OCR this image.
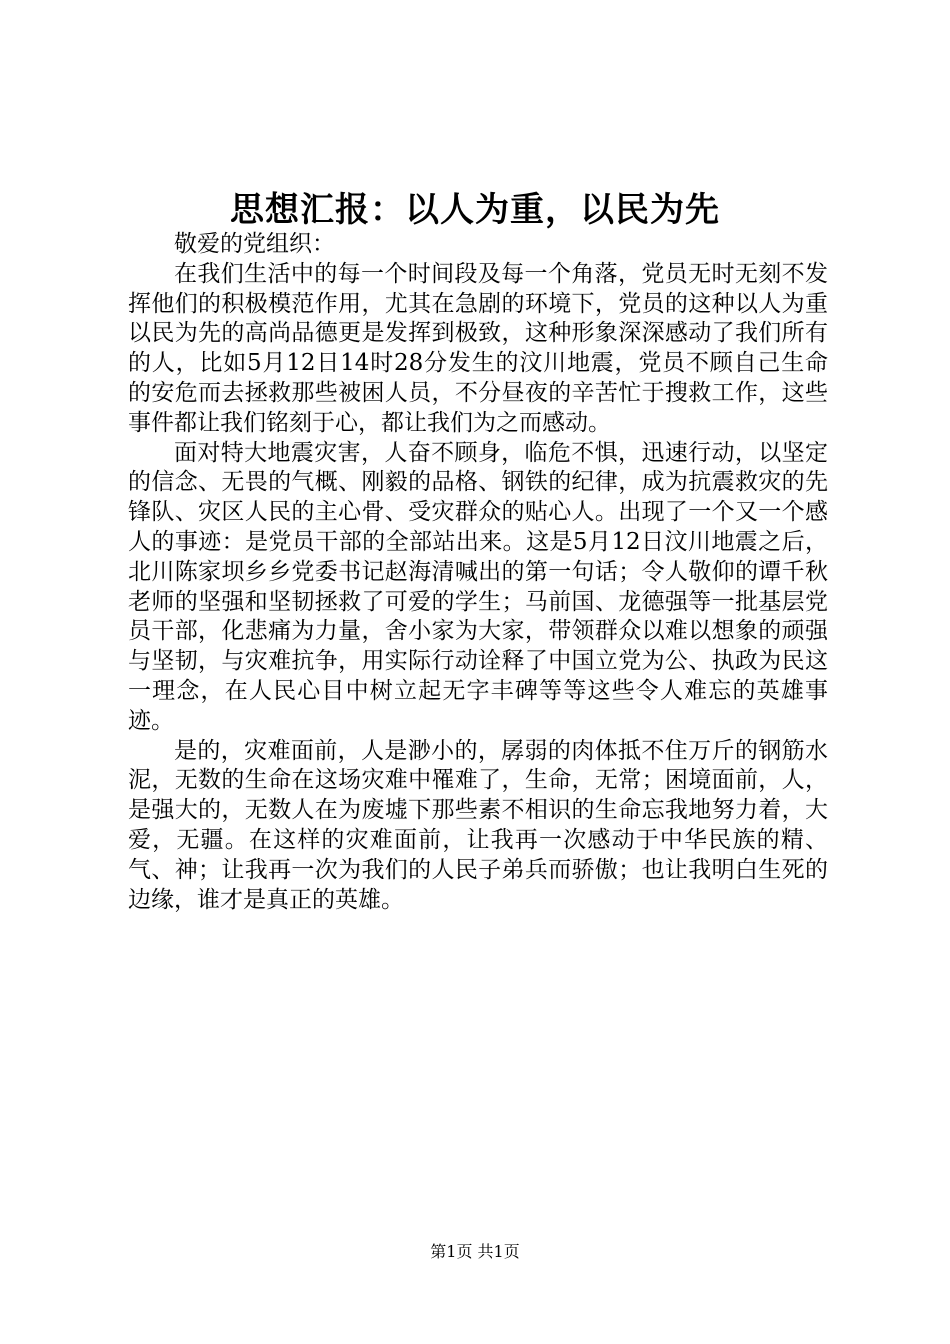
思想汇报：以人为重，以民为先

敬爱的党组织：

在我们生活中的每一个时间段及每一个角落，党员无时无刻不发挥他们的积极模范作用，尤其在急剧的环境下，党员的这种以人为重以民为先的高尚品德更是发挥到极致，这种形象深深感动了我们所有的人，比如5月12日14时28分发生的汶川地震，党员不顾自己生命的安危而去拯救那些被困人员，不分昼夜的辛苦忙于搜救工作，这些事件都让我们铭刻于心，都让我们为之而感动。

面对特大地震灾害，人奋不顾身，临危不惧，迅速行动，以坚定的信念、无畏的气概、刚毅的品格、钢铁的纪律，成为抗震救灾的先锋队、灾区人民的主心骨、受灾群众的贴心人。出现了一个又一个感人的事迹：是党员干部的全部站出来。这是5月12日汶川地震之后，北川陈家坝乡乡党委书记赵海清喊出的第一句话；令人敬仰的谭千秋老师的坚强和坚韧拯救了可爱的学生；马前国、龙德强等一批基层党员干部，化悲痛为力量，舍小家为大家，带领群众以难以想象的顽强与坚韧，与灾难抗争，用实际行动诠释了中国立党为公、执政为民这一理念，在人民心目中树立起无字丰碑等等这些令人难忘的英雄事迹。

是的，灾难面前，人是渺小的，孱弱的肉体抵不住万斤的钢筋水泥，无数的生命在这场灾难中罹难了，生命，无常；困境面前，人，是强大的，无数人在为废墟下那些素不相识的生命忘我地努力着，大爱，无疆。在这样的灾难面前，让我再一次感动于中华民族的精、气、神；让我再一次为我们的人民子弟兵而骄傲；也让我明白生死的边缘，谁才是真正的英雄。

第1页 共1页
